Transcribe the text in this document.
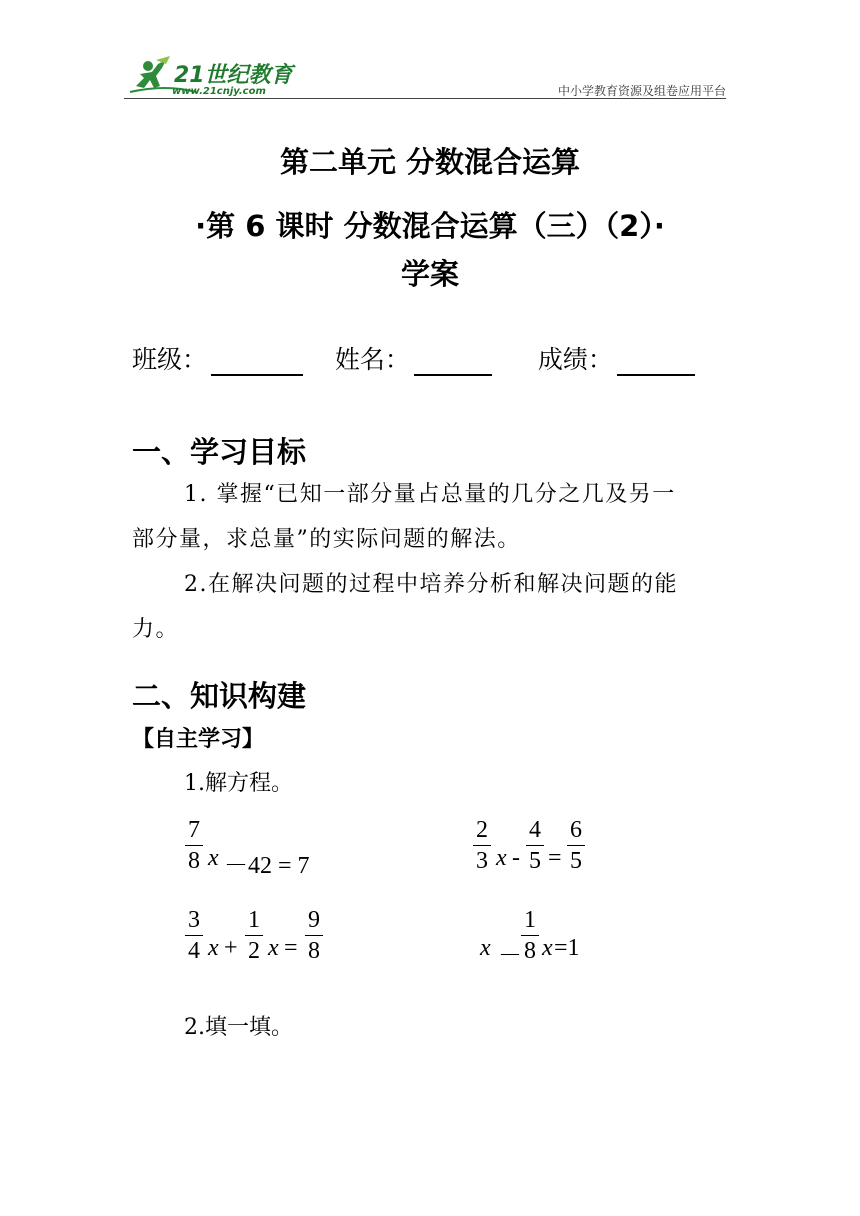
21世纪教育
www.21cnjy.com	中小学教育资源及组卷应用平台
第二单元 分数混合运算
·第 6 课时 分数混合运算（三）（2）·
学案
班级：	姓名：	成绩：
一、学习目标
1. 掌握“已知一部分量占总量的几分之几及另一
部分量，求总量”的实际问题的解法。
2.在解决问题的过程中培养分析和解决问题的能
力。
二、知识构建
【自主学习】
1.解方程。
7
8 x －42 = 7
2
3 x -
4
5 =
6
5
3
4 x +
1
2 x =
9
8	x －
1
8 x =1
2.填一填。
